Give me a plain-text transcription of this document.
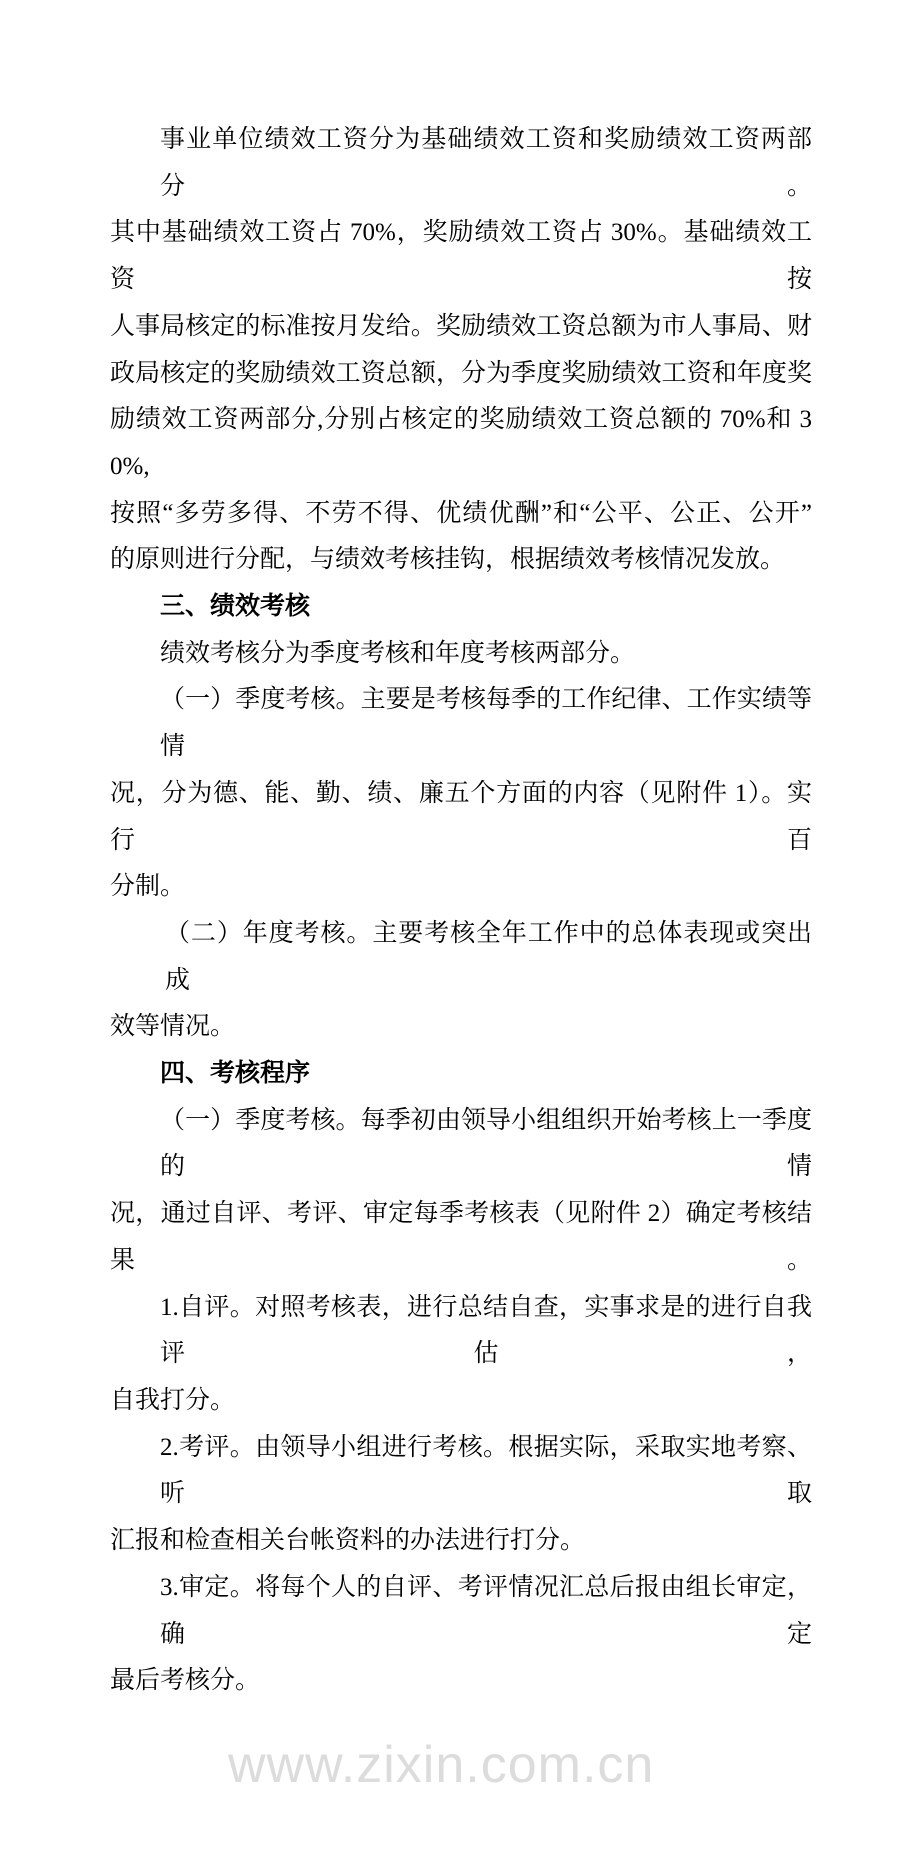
事业单位绩效工资分为基础绩效工资和奖励绩效工资两部分。
其中基础绩效工资占 70%，奖励绩效工资占 30%。基础绩效工资按
人事局核定的标准按月发给。奖励绩效工资总额为市人事局、财
政局核定的奖励绩效工资总额，分为季度奖励绩效工资和年度奖
励绩效工资两部分,分别占核定的奖励绩效工资总额的 70%和 30%,
按照“多劳多得、不劳不得、优绩优酬”和“公平、公正、公开”
的原则进行分配，与绩效考核挂钩，根据绩效考核情况发放。
三、绩效考核
绩效考核分为季度考核和年度考核两部分。
（一）季度考核。主要是考核每季的工作纪律、工作实绩等情
况，分为德、能、勤、绩、廉五个方面的内容（见附件 1）。实行百
分制。
（二）年度考核。主要考核全年工作中的总体表现或突出成
效等情况。
四、考核程序
（一）季度考核。每季初由领导小组组织开始考核上一季度的情
况，通过自评、考评、审定每季考核表（见附件 2）确定考核结果。
1.自评。对照考核表，进行总结自查，实事求是的进行自我评估，
自我打分。
2.考评。由领导小组进行考核。根据实际，采取实地考察、听取
汇报和检查相关台帐资料的办法进行打分。
3.审定。将每个人的自评、考评情况汇总后报由组长审定，确定
最后考核分。
www.zixin.com.cn
